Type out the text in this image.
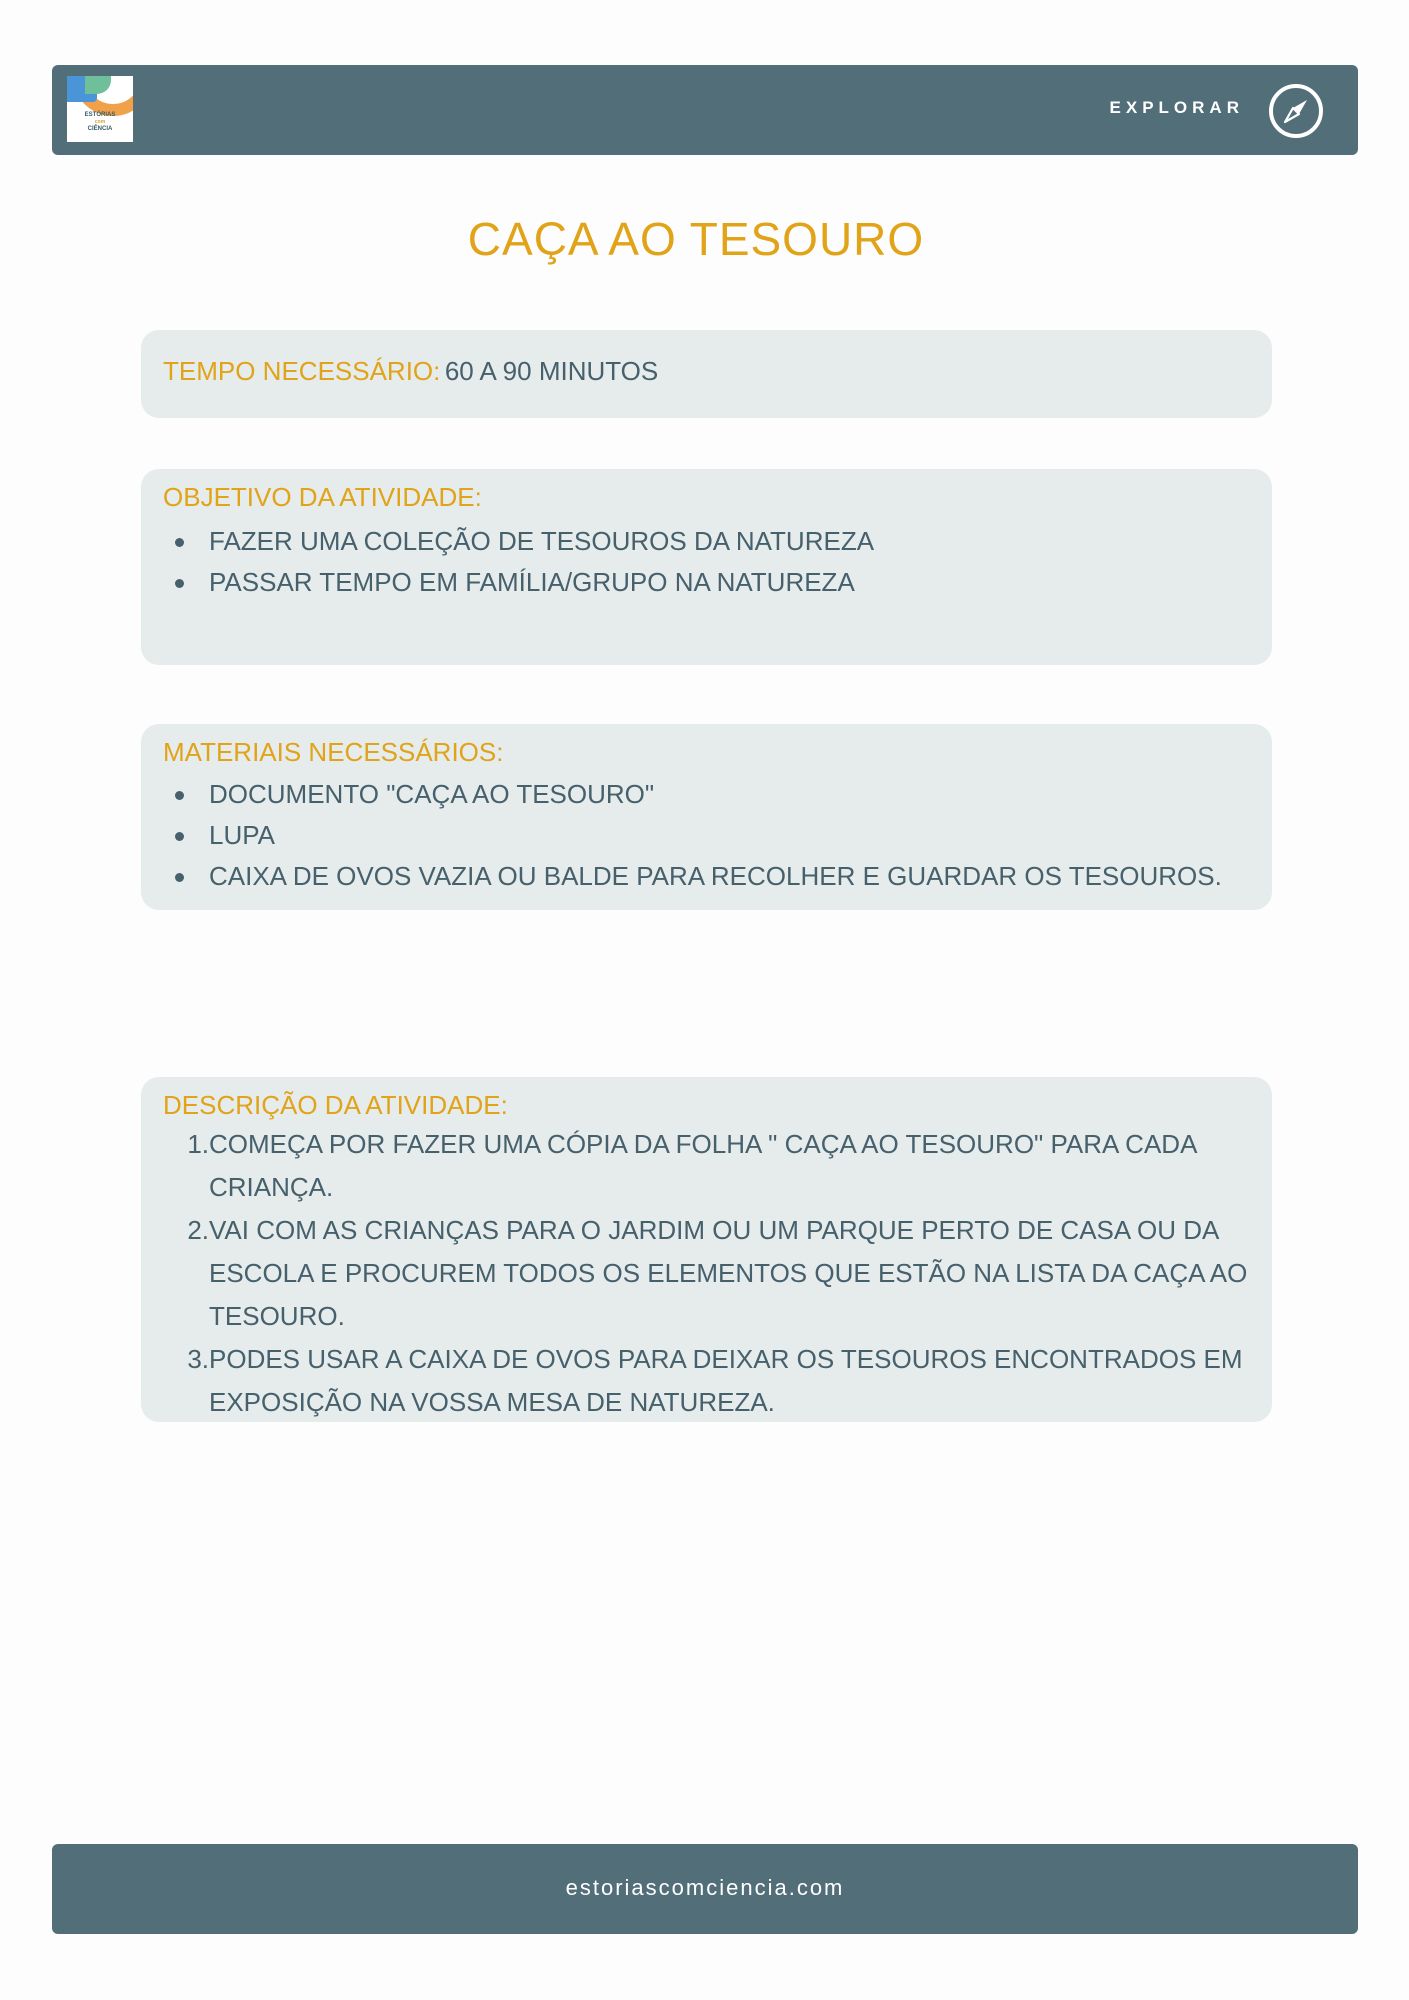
ESTÓRIAS
com
CIÊNCIA
EXPLORAR
CAÇA AO TESOURO
TEMPO NECESSÁRIO: 60 A 90 MINUTOS
OBJETIVO DA ATIVIDADE:
FAZER UMA COLEÇÃO DE TESOUROS DA NATUREZA
PASSAR TEMPO EM FAMÍLIA/GRUPO NA NATUREZA
MATERIAIS NECESSÁRIOS:
DOCUMENTO "CAÇA AO TESOURO"
LUPA
CAIXA DE OVOS VAZIA OU BALDE PARA RECOLHER E GUARDAR OS TESOUROS.
DESCRIÇÃO DA ATIVIDADE:
1. COMEÇA POR FAZER UMA CÓPIA DA FOLHA " CAÇA AO TESOURO" PARA CADA
CRIANÇA.
2. VAI COM AS CRIANÇAS PARA O JARDIM OU UM PARQUE PERTO DE CASA OU DA
ESCOLA E PROCUREM TODOS OS ELEMENTOS QUE ESTÃO NA LISTA DA CAÇA AO
TESOURO.
3. PODES USAR A CAIXA DE OVOS PARA DEIXAR OS TESOUROS ENCONTRADOS EM
EXPOSIÇÃO NA VOSSA MESA DE NATUREZA.
estoriascomciencia.com
